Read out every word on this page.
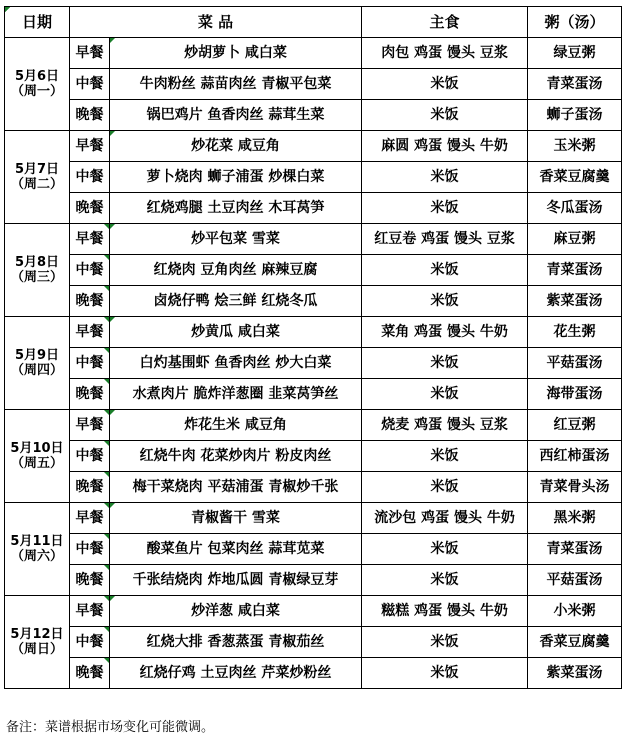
日期	菜 品		主食	粥（汤）

5月6日
（周一）	早餐	炒胡萝卜 咸白菜	肉包 鸡蛋 馒头 豆浆	绿豆粥
	中餐	牛肉粉丝 蒜苗肉丝 青椒平包菜	米饭	青菜蛋汤
	晚餐	锅巴鸡片 鱼香肉丝 蒜茸生菜	米饭	蛳子蛋汤

5月7日
（周二）	早餐	炒花菜 咸豆角	麻圆 鸡蛋 馒头 牛奶	玉米粥
	中餐	萝卜烧肉 蛳子浦蛋 炒棵白菜	米饭	香菜豆腐羹
	晚餐	红烧鸡腿 土豆肉丝 木耳莴笋	米饭	冬瓜蛋汤

5月8日
（周三）	早餐	炒平包菜 雪菜	红豆卷 鸡蛋 馒头 豆浆	麻豆粥

中餐	红烧肉 豆角肉丝 麻辣豆腐	米饭	青菜蛋汤

晚餐	卤烧仔鸭 烩三鲜 红烧冬瓜	米饭	紫菜蛋汤

5月9日
（周四）	早餐	炒黄瓜 咸白菜	菜角 鸡蛋 馒头 牛奶	花生粥

中餐	白灼基围虾 鱼香肉丝 炒大白菜	米饭	平菇蛋汤

晚餐	水煮肉片 脆炸洋葱圈 韭菜莴笋丝	米饭	海带蛋汤

5月10日
（周五）	早餐	炸花生米 咸豆角	烧麦 鸡蛋 馒头 豆浆	红豆粥

中餐	红烧牛肉 花菜炒肉片 粉皮肉丝	米饭	西红柿蛋汤

晚餐	梅干菜烧肉 平菇浦蛋 青椒炒千张	米饭	青菜骨头汤

5月11日
（周六）	早餐	青椒酱干 雪菜	流沙包 鸡蛋 馒头 牛奶	黑米粥

中餐	酸菜鱼片 包菜肉丝 蒜茸苋菜	米饭	青菜蛋汤

晚餐	千张结烧肉 炸地瓜圆 青椒绿豆芽	米饭	平菇蛋汤

5月12日
（周日）	早餐	炒洋葱 咸白菜	糍糕 鸡蛋 馒头 牛奶	小米粥

中餐	红烧大排 香葱蒸蛋 青椒茄丝	米饭	香菜豆腐羹

晚餐	红烧仔鸡 土豆肉丝 芹菜炒粉丝	米饭	紫菜蛋汤
备注：菜谱根据市场变化可能微调。
